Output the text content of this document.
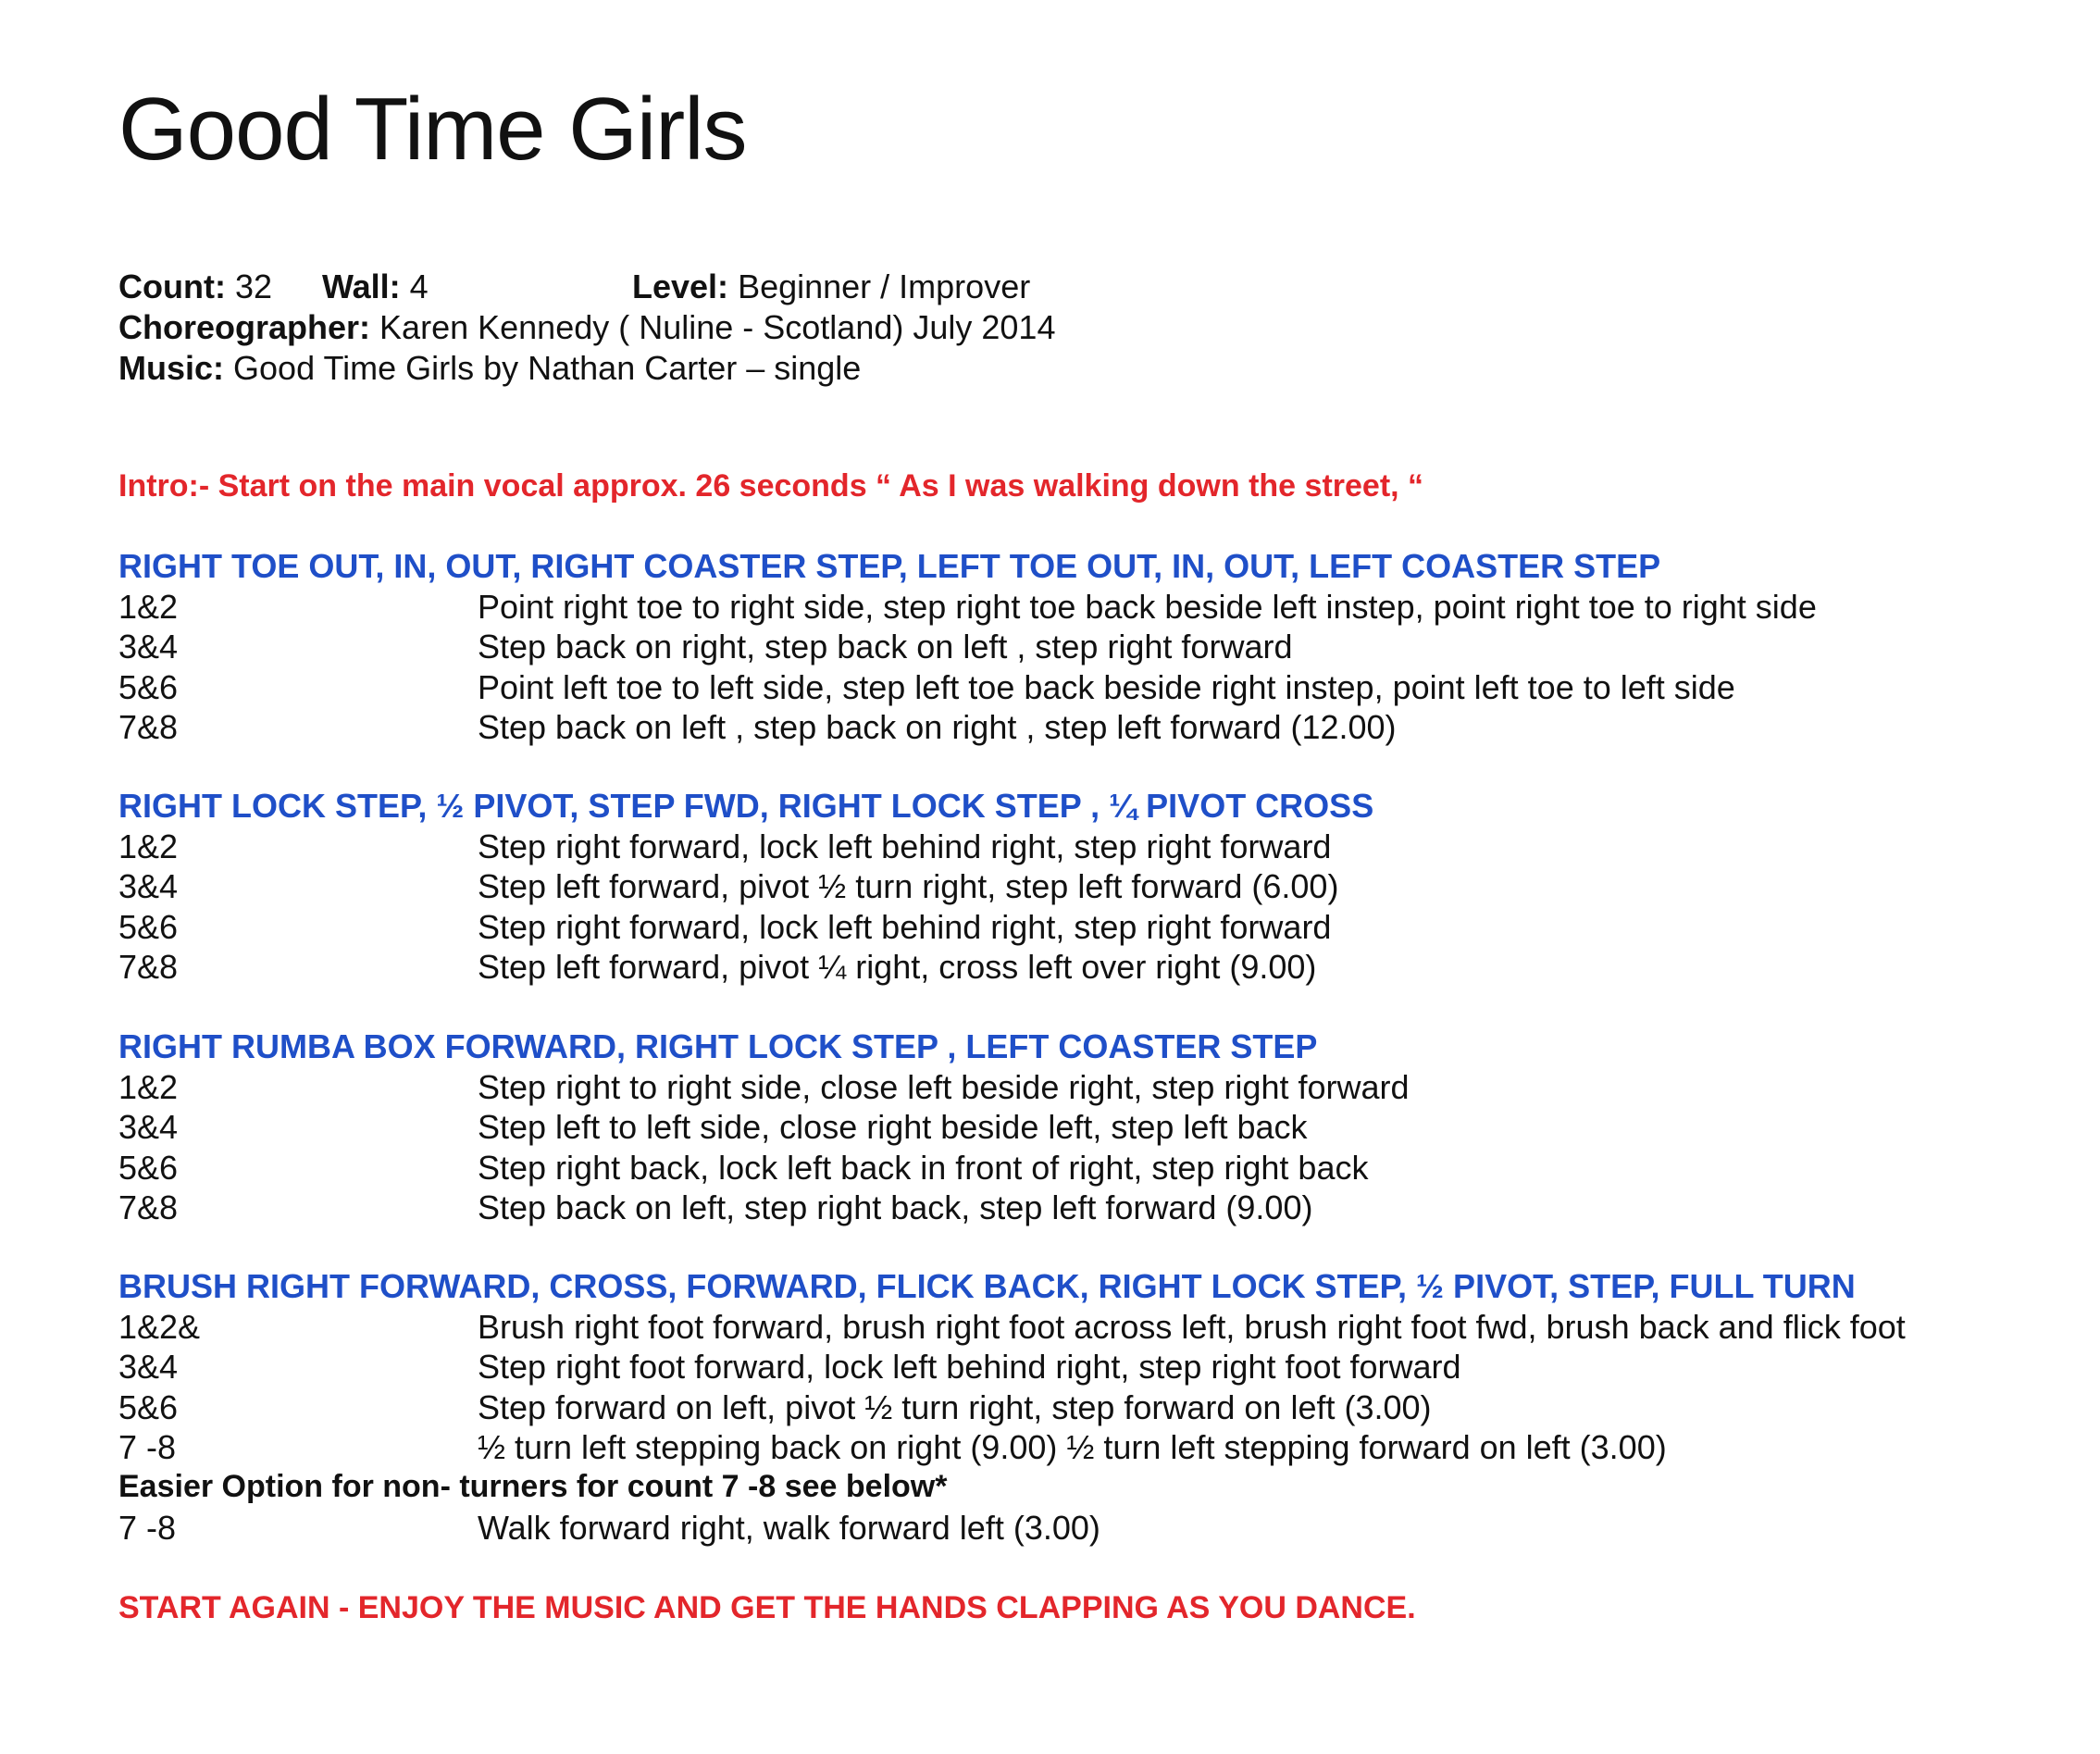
Good Time Girls
Count: 32 Wall: 4	Level: Beginner / Improver
Choreographer: Karen Kennedy ( Nuline - Scotland) July 2014
Music: Good Time Girls by Nathan Carter – single
Intro:- Start on the main vocal approx. 26 seconds “ As I was walking down the street, “
RIGHT TOE OUT, IN, OUT, RIGHT COASTER STEP, LEFT TOE OUT, IN, OUT, LEFT COASTER STEP
1&2	Point right toe to right side, step right toe back beside left instep, point right toe to right side
3&4	Step back on right, step back on left , step right forward
5&6	Point left toe to left side, step left toe back beside right instep, point left toe to left side
7&8	Step back on left , step back on right , step left forward (12.00)
RIGHT LOCK STEP, ½ PIVOT, STEP FWD, RIGHT LOCK STEP , ¼ PIVOT CROSS
1&2	Step right forward, lock left behind right, step right forward
3&4	Step left forward, pivot ½ turn right, step left forward (6.00)
5&6	Step right forward, lock left behind right, step right forward
7&8	Step left forward, pivot ¼ right, cross left over right (9.00)
RIGHT RUMBA BOX FORWARD, RIGHT LOCK STEP , LEFT COASTER STEP
1&2	Step right to right side, close left beside right, step right forward
3&4	Step left to left side, close right beside left, step left back
5&6	Step right back, lock left back in front of right, step right back
7&8	Step back on left, step right back, step left forward (9.00)
BRUSH RIGHT FORWARD, CROSS, FORWARD, FLICK BACK, RIGHT LOCK STEP, ½ PIVOT, STEP, FULL TURN
1&2&	Brush right foot forward, brush right foot across left, brush right foot fwd, brush back and flick foot
3&4	Step right foot forward, lock left behind right, step right foot forward
5&6	Step forward on left, pivot ½ turn right, step forward on left (3.00)
7 -8	½ turn left stepping back on right (9.00) ½ turn left stepping forward on left (3.00)
Easier Option for non- turners for count 7 -8 see below*
7 -8	Walk forward right, walk forward left (3.00)
START AGAIN - ENJOY THE MUSIC AND GET THE HANDS CLAPPING AS YOU DANCE.
